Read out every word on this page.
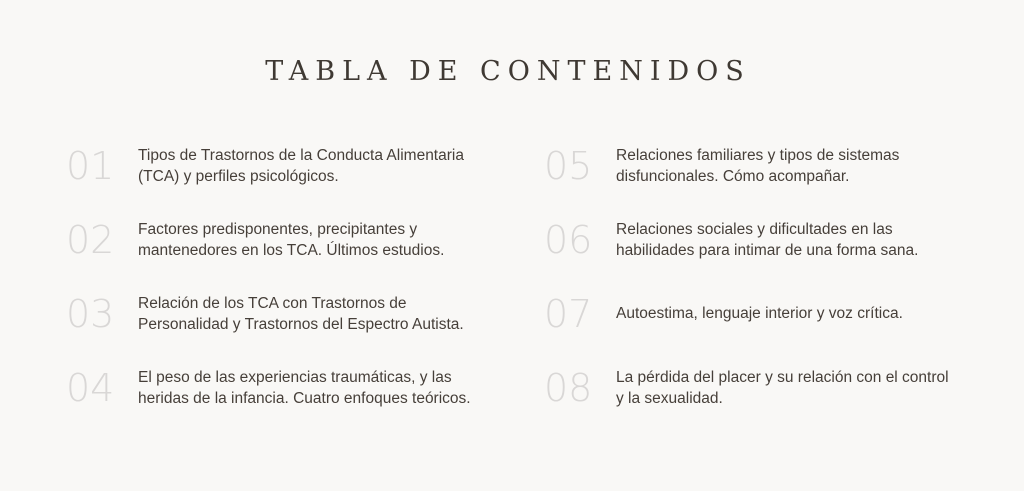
TABLA DE CONTENIDOS
01	Tipos de Trastornos de la Conducta Alimentaria
(TCA) y perfiles psicológicos.
02	Factores predisponentes, precipitantes y
mantenedores en los TCA. Últimos estudios.
03	Relación de los TCA con Trastornos de
Personalidad y Trastornos del Espectro Autista.
04	El peso de las experiencias traumáticas, y las
heridas de la infancia. Cuatro enfoques teóricos.
05	Relaciones familiares y tipos de sistemas
disfuncionales. Cómo acompañar.
06	Relaciones sociales y dificultades en las
habilidades para intimar de una forma sana.
07	Autoestima, lenguaje interior y voz crítica.
08	La pérdida del placer y su relación con el control
y la sexualidad.
